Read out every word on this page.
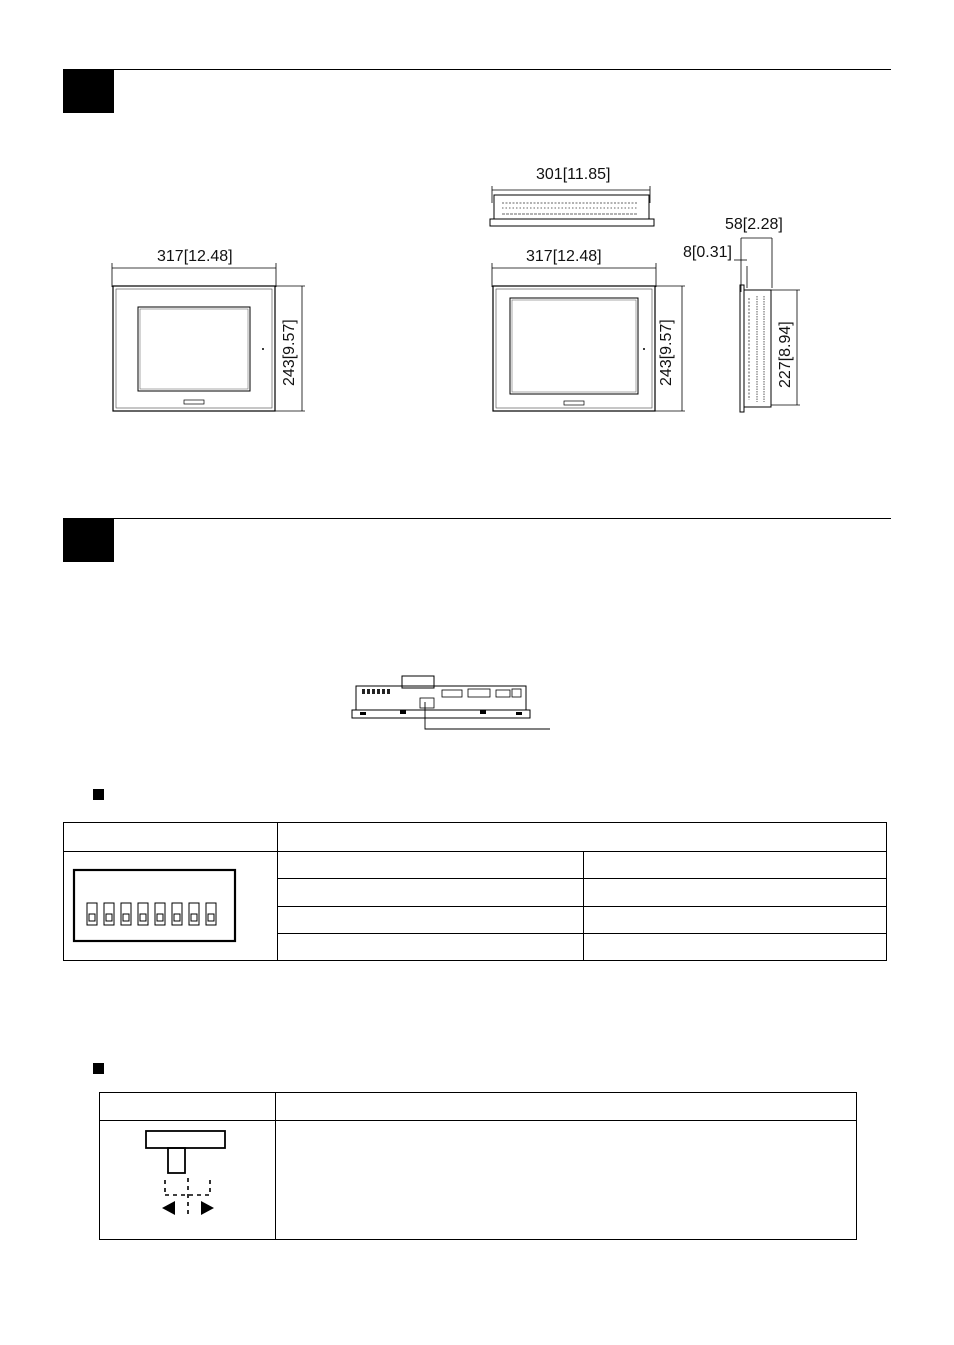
317[12.48]
243[9.57]
301[11.85]
317[12.48]
243[9.57]
58[2.28]
8[0.31]
227[8.94]
